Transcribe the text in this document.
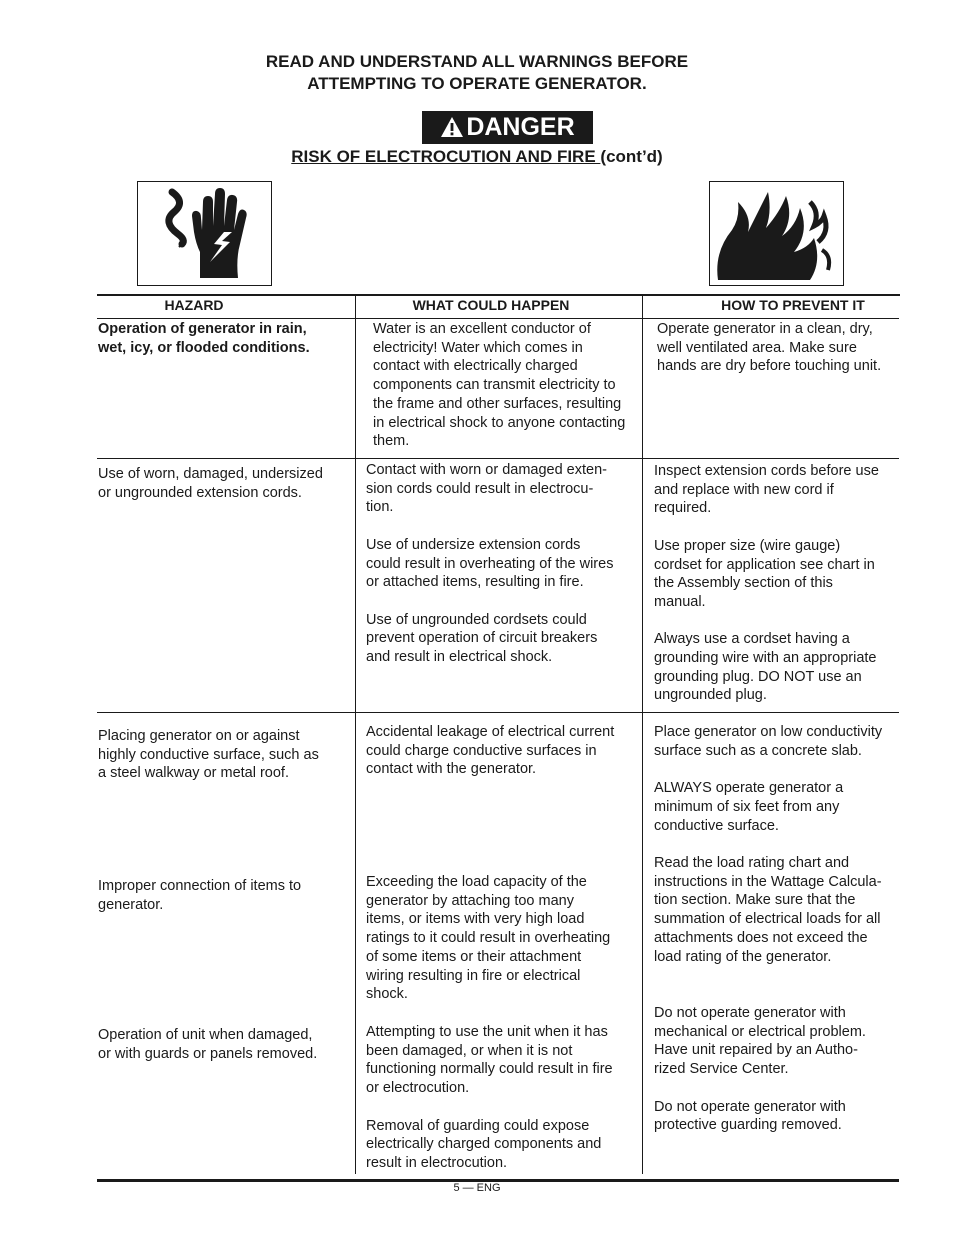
READ AND UNDERSTAND ALL WARNINGS BEFORE
ATTEMPTING TO OPERATE GENERATOR.
DANGER
RISK OF ELECTROCUTION AND FIRE (cont’d)
HAZARD	WHAT COULD HAPPEN	HOW TO PREVENT IT
Operation of generator in rain,
wet, icy, or flooded conditions.
Water is an excellent conductor of
electricity! Water which comes in
contact with electrically charged
components can transmit electricity to
the frame and other surfaces, resulting
in electrical shock to anyone contacting
them.
Operate generator in a clean, dry,
well ventilated area. Make sure
hands are dry before touching unit.
Use of worn, damaged, undersized
or ungrounded extension cords.

Contact with worn or damaged exten-
sion cords could result in electrocu-
tion.

Use of undersize extension cords
could result in overheating of the wires
or attached items, resulting in fire.

Use of ungrounded cordsets could
prevent operation of circuit breakers
and result in electrical shock.

Inspect extension cords before use
and replace with new cord if
required.

Use proper size (wire gauge)
cordset for application see chart in
the Assembly section of this
manual.

Always use a cordset having a
grounding wire with an appropriate
grounding plug. DO NOT use an
ungrounded plug.

Placing generator on or against
highly conductive surface, such as
a steel walkway or metal roof.
Accidental leakage of electrical current
could charge conductive surfaces in
contact with the generator.

Place generator on low conductivity
surface such as a concrete slab.

ALWAYS operate generator a
minimum of six feet from any
conductive surface.

Improper connection of items to
generator.
Exceeding the load capacity of the
generator by attaching too many
items, or items with very high load
ratings to it could result in overheating
of some items or their attachment
wiring resulting in fire or electrical
shock.
Read the load rating chart and
instructions in the Wattage Calcula-
tion section. Make sure that the
summation of electrical loads for all
attachments does not exceed the
load rating of the generator.
Operation of unit when damaged,
or with guards or panels removed.

Attempting to use the unit when it has
been damaged, or when it is not
functioning normally could result in fire
or electrocution.

Removal of guarding could expose
electrically charged components and
result in electrocution.

Do not operate generator with
mechanical or electrical problem.
Have unit repaired by an Autho-
rized Service Center.

Do not operate generator with
protective guarding removed.

5 — ENG
